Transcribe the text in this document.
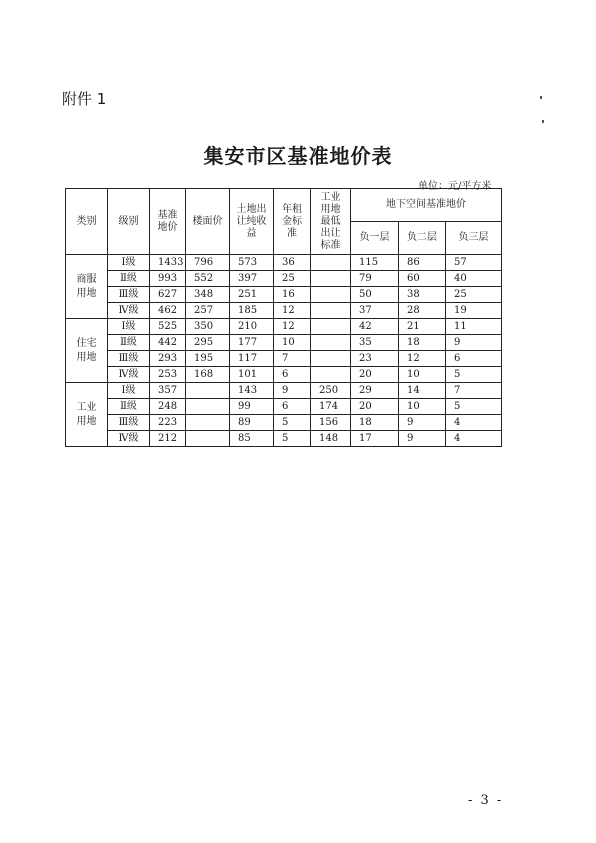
附件 1
集安市区基准地价表
单位：元/平方米
类别	级别	基准地价	楼面价	土地出让纯收益	年租金标准	工业用地最低出让标准	地下空间基准地价		
							负一层	负二层	负三层
商服
用地	Ⅰ级	1433	796	573	36		115	86	57
	Ⅱ级	993	552	397	25		79	60	40
	Ⅲ级	627	348	251	16		50	38	25
	Ⅳ级	462	257	185	12		37	28	19
住宅
用地	Ⅰ级	525	350	210	12		42	21	11
	Ⅱ级	442	295	177	10		35	18	9
	Ⅲ级	293	195	117	7		23	12	6
	Ⅳ级	253	168	101	6		20	10	5
工业
用地	Ⅰ级	357		143	9	250	29	14	7
	Ⅱ级	248		99	6	174	20	10	5
	Ⅲ级	223		89	5	156	18	9	4
	Ⅳ级	212		85	5	148	17	9	4
- 3 -
